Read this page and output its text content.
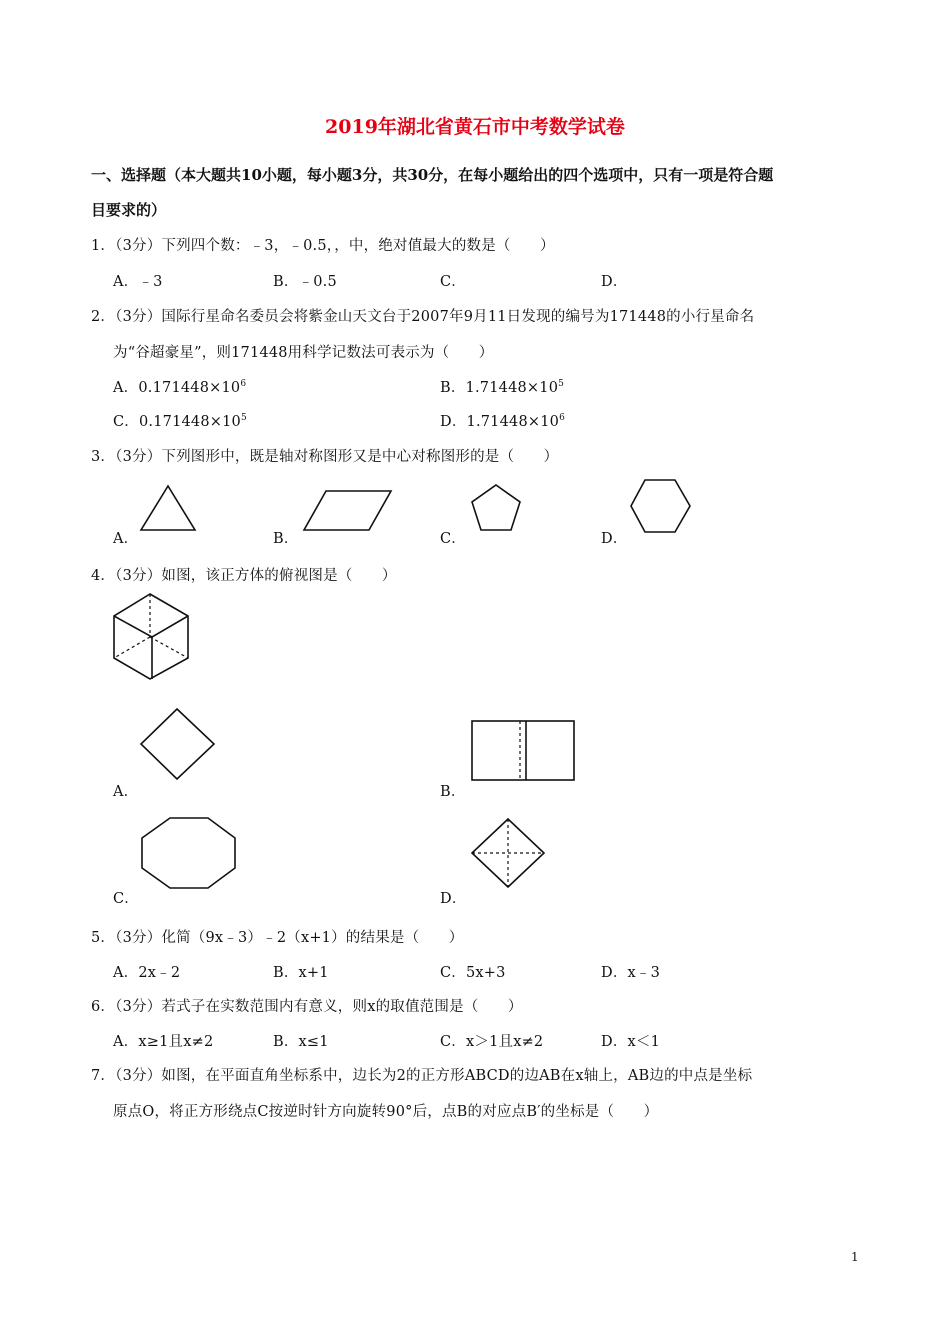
2019年湖北省黄石市中考数学试卷
一、选择题（本大题共10小题，每小题3分，共30分，在每小题给出的四个选项中，只有一项是符合题
目要求的）
1．（3分）下列四个数：﹣3，﹣0.5，，中，绝对值最大的数是（　　）
A．﹣3	B．﹣0.5	C．	D．
2．（3分）国际行星命名委员会将紫金山天文台于2007年9月11日发现的编号为171448的小行星命名
为“谷超豪星”，则171448用科学记数法可表示为（　　）
A．$0.171448\times 10^6$	B．$1.71448\times 10^5$
C．$0.171448\times 10^5$	D．$1.71448\times 10^6$
3．（3分）下列图形中，既是轴对称图形又是中心对称图形的是（　　）
A．	B．	C．	D．
4．（3分）如图，该正方体的俯视图是（　　）
A．	B．
C．	D．
5．（3分）化简（9x﹣3）﹣2（x+1）的结果是（　　）
A．2x﹣2	B．x+1	C．5x+3	D．x﹣3
6．（3分）若式子在实数范围内有意义，则x的取值范围是（　　）
A．x≥1且x≠2	B．x≤1	C．x＞1且x≠2	D．x＜1
7．（3分）如图，在平面直角坐标系中，边长为2的正方形ABCD的边AB在x轴上，AB边的中点是坐标
原点O，将正方形绕点C按逆时针方向旋转90°后，点B的对应点B′的坐标是（　　）
1
